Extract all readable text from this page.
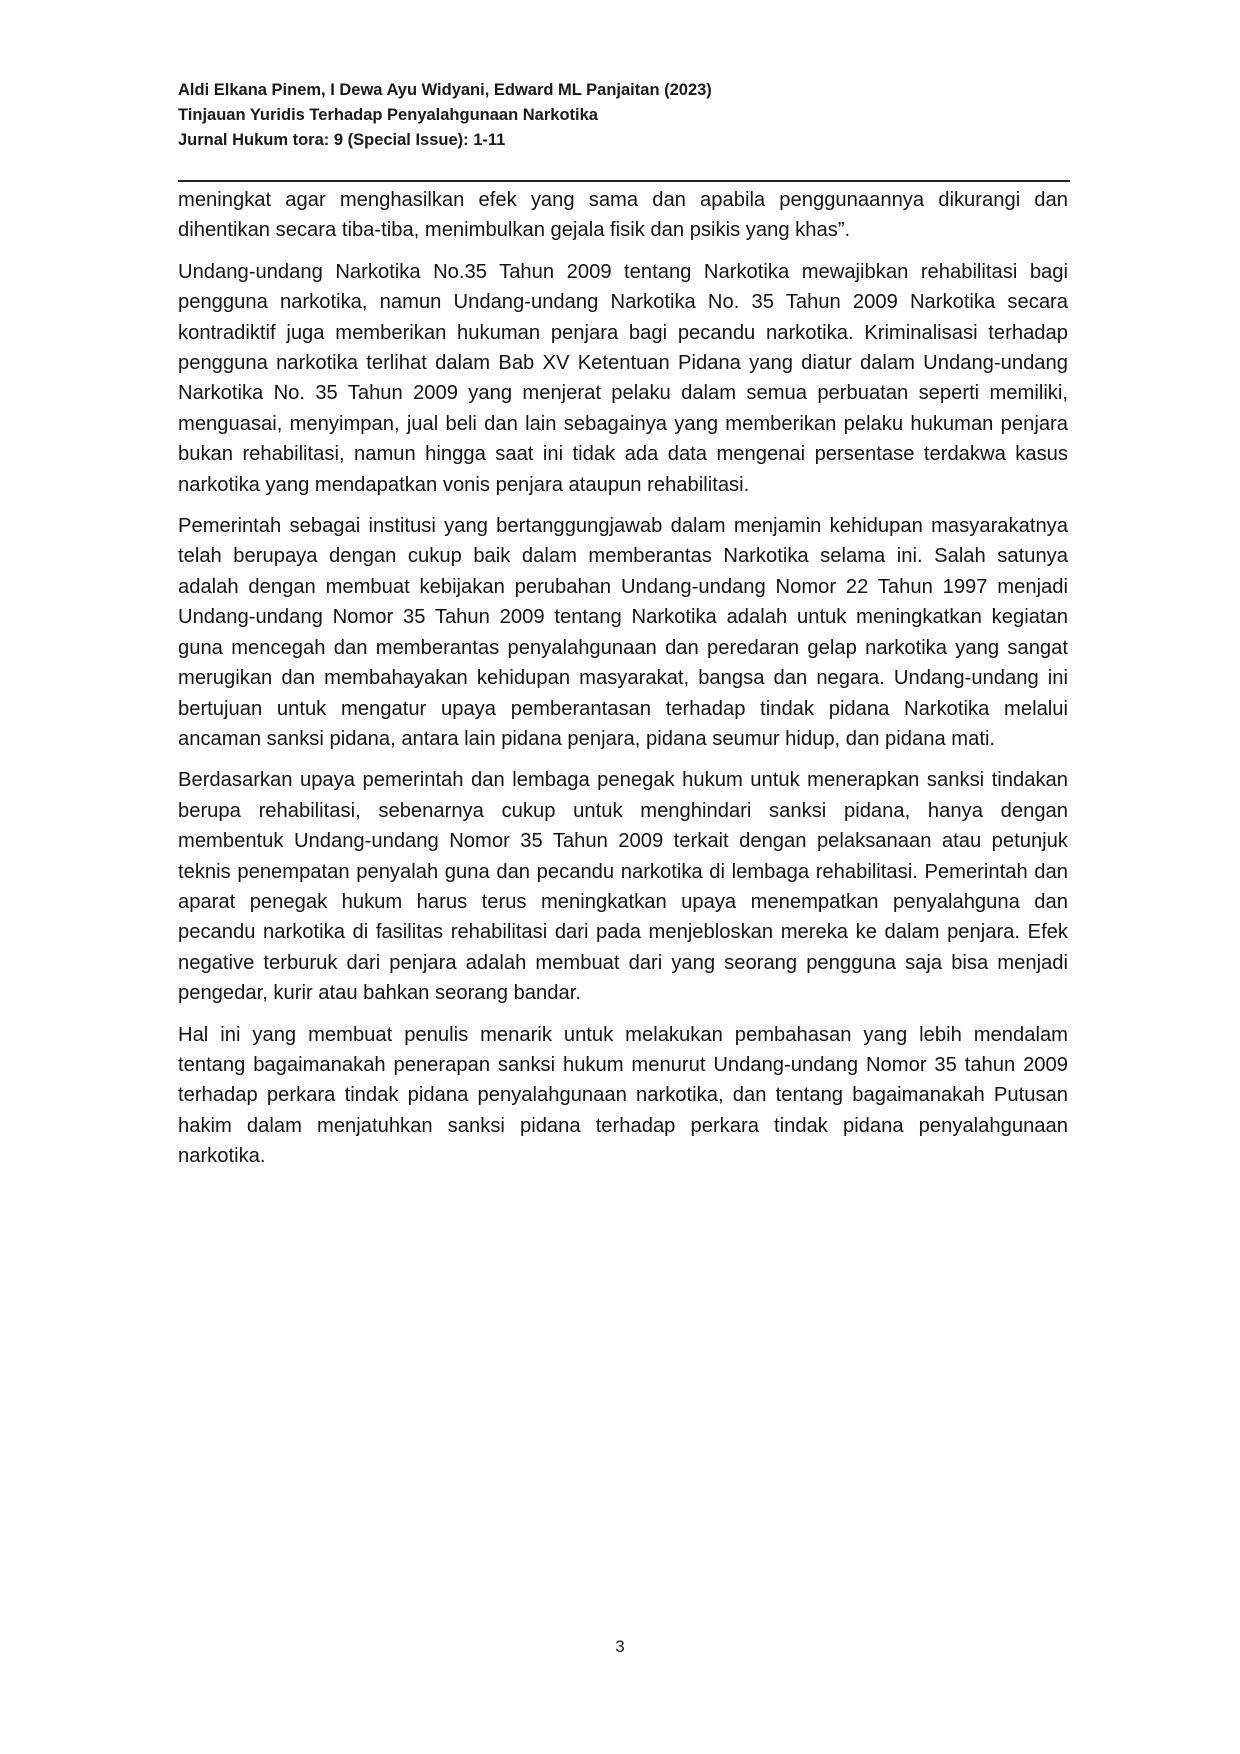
Aldi Elkana Pinem, I Dewa Ayu Widyani, Edward ML Panjaitan (2023)
Tinjauan Yuridis Terhadap Penyalahgunaan Narkotika
Jurnal Hukum tora: 9 (Special Issue): 1-11

meningkat agar menghasilkan efek yang sama dan apabila penggunaannya dikurangi dan dihentikan secara tiba-tiba, menimbulkan gejala fisik dan psikis yang khas”.

Undang-undang Narkotika No.35 Tahun 2009 tentang Narkotika mewajibkan rehabilitasi bagi pengguna narkotika, namun Undang-undang Narkotika No. 35 Tahun 2009 Narkotika secara kontradiktif juga memberikan hukuman penjara bagi pecandu narkotika. Kriminalisasi terhadap pengguna narkotika terlihat dalam Bab XV Ketentuan Pidana yang diatur dalam Undang-undang Narkotika No. 35 Tahun 2009 yang menjerat pelaku dalam semua perbuatan seperti memiliki, menguasai, menyimpan, jual beli dan lain sebagainya yang memberikan pelaku hukuman penjara bukan rehabilitasi, namun hingga saat ini tidak ada data mengenai persentase terdakwa kasus narkotika yang mendapatkan vonis penjara ataupun rehabilitasi.

Pemerintah sebagai institusi yang bertanggungjawab dalam menjamin kehidupan masyarakatnya telah berupaya dengan cukup baik dalam memberantas Narkotika selama ini. Salah satunya adalah dengan membuat kebijakan perubahan Undang-undang Nomor 22 Tahun 1997 menjadi Undang-undang Nomor 35 Tahun 2009 tentang Narkotika adalah untuk meningkatkan kegiatan guna mencegah dan memberantas penyalahgunaan dan peredaran gelap narkotika yang sangat merugikan dan membahayakan kehidupan masyarakat, bangsa dan negara. Undang-undang ini bertujuan untuk mengatur upaya pemberantasan terhadap tindak pidana Narkotika melalui ancaman sanksi pidana, antara lain pidana penjara, pidana seumur hidup, dan pidana mati.

Berdasarkan upaya pemerintah dan lembaga penegak hukum untuk menerapkan sanksi tindakan berupa rehabilitasi, sebenarnya cukup untuk menghindari sanksi pidana, hanya dengan membentuk Undang-undang Nomor 35 Tahun 2009 terkait dengan pelaksanaan atau petunjuk teknis penempatan penyalah guna dan pecandu narkotika di lembaga rehabilitasi. Pemerintah dan aparat penegak hukum harus terus meningkatkan upaya menempatkan penyalahguna dan pecandu narkotika di fasilitas rehabilitasi dari pada menjebloskan mereka ke dalam penjara. Efek negative terburuk dari penjara adalah membuat dari yang seorang pengguna saja bisa menjadi pengedar, kurir atau bahkan seorang bandar.

Hal ini yang membuat penulis menarik untuk melakukan pembahasan yang lebih mendalam tentang bagaimanakah penerapan sanksi hukum menurut Undang-undang Nomor 35 tahun 2009 terhadap perkara tindak pidana penyalahgunaan narkotika, dan tentang bagaimanakah Putusan hakim dalam menjatuhkan sanksi pidana terhadap perkara tindak pidana penyalahgunaan narkotika.

3
